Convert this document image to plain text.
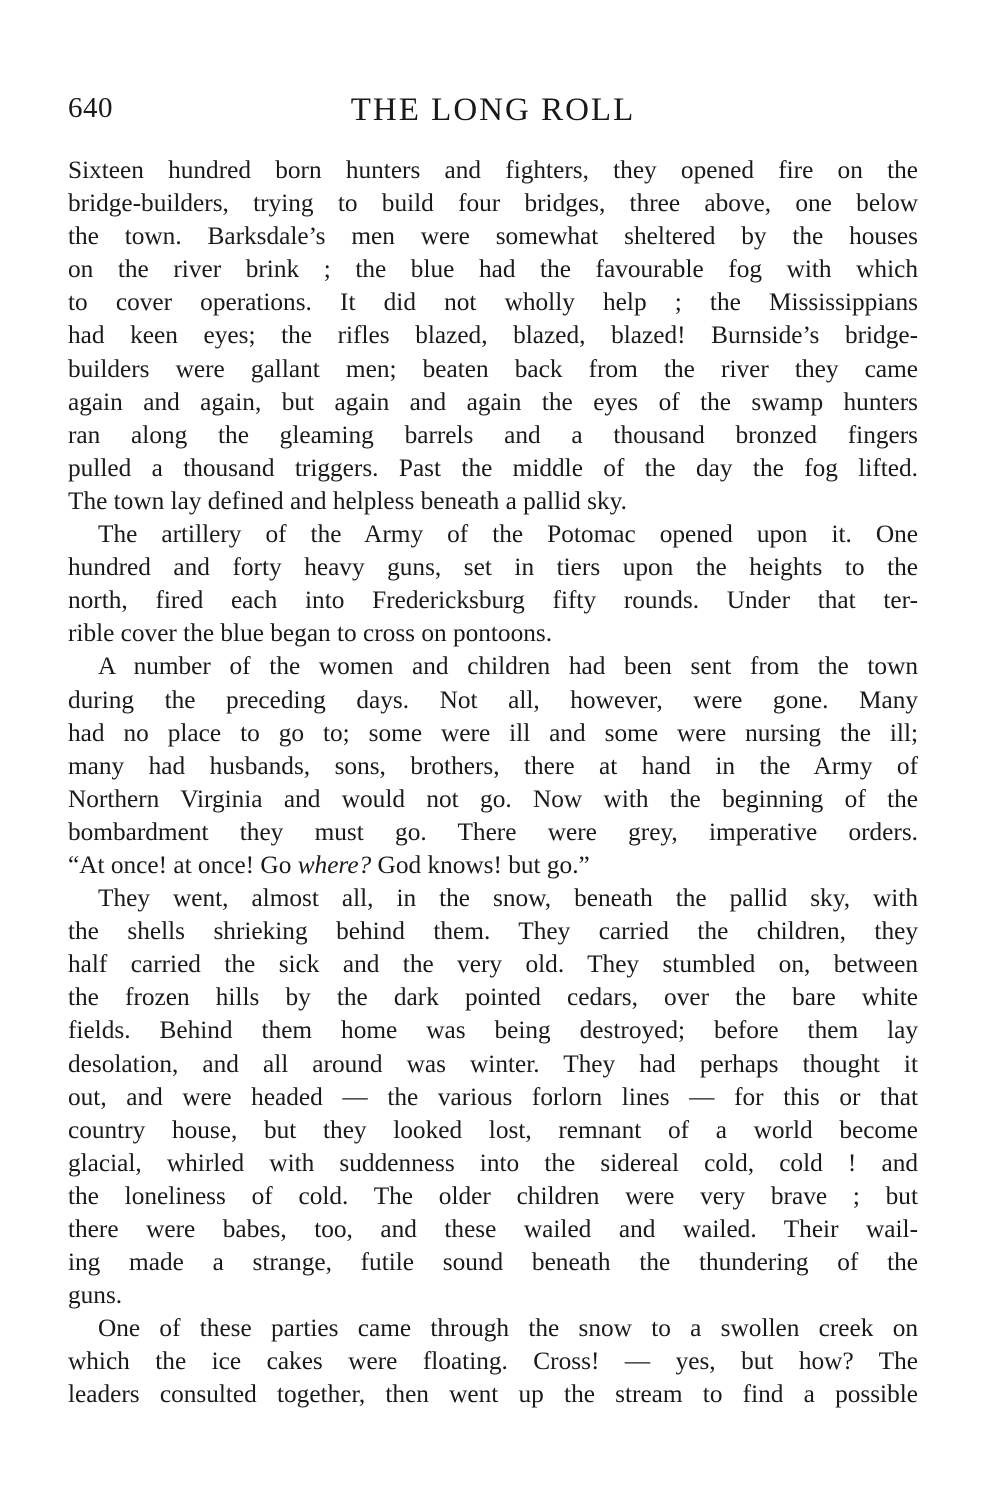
640	THE LONG ROLL

Sixteen hundred born hunters and fighters, they opened fire on the
bridge-builders, trying to build four bridges, three above, one below
the town. Barksdale’s men were somewhat sheltered by the houses
on the river brink ; the blue had the favourable fog with which
to cover operations. It did not wholly help ; the Mississippians
had keen eyes; the rifles blazed, blazed, blazed! Burnside’s bridge-
builders were gallant men; beaten back from the river they came
again and again, but again and again the eyes of the swamp hunters
ran along the gleaming barrels and a thousand bronzed fingers
pulled a thousand triggers. Past the middle of the day the fog lifted.
The town lay defined and helpless beneath a pallid sky.

The artillery of the Army of the Potomac opened upon it. One
hundred and forty heavy guns, set in tiers upon the heights to the
north, fired each into Fredericksburg fifty rounds. Under that ter-
rible cover the blue began to cross on pontoons.

A number of the women and children had been sent from the town
during the preceding days. Not all, however, were gone. Many
had no place to go to; some were ill and some were nursing the ill;
many had husbands, sons, brothers, there at hand in the Army of
Northern Virginia and would not go. Now with the beginning of the
bombardment they must go. There were grey, imperative orders.
“At once! at once! Go where? God knows! but go.”

They went, almost all, in the snow, beneath the pallid sky, with
the shells shrieking behind them. They carried the children, they
half carried the sick and the very old. They stumbled on, between
the frozen hills by the dark pointed cedars, over the bare white
fields. Behind them home was being destroyed; before them lay
desolation, and all around was winter. They had perhaps thought it
out, and were headed — the various forlorn lines — for this or that
country house, but they looked lost, remnant of a world become
glacial, whirled with suddenness into the sidereal cold, cold ! and
the loneliness of cold. The older children were very brave ; but
there were babes, too, and these wailed and wailed. Their wail-
ing made a strange, futile sound beneath the thundering of the
guns.

One of these parties came through the snow to a swollen creek on
which the ice cakes were floating. Cross! — yes, but how? The
leaders consulted together, then went up the stream to find a possible
